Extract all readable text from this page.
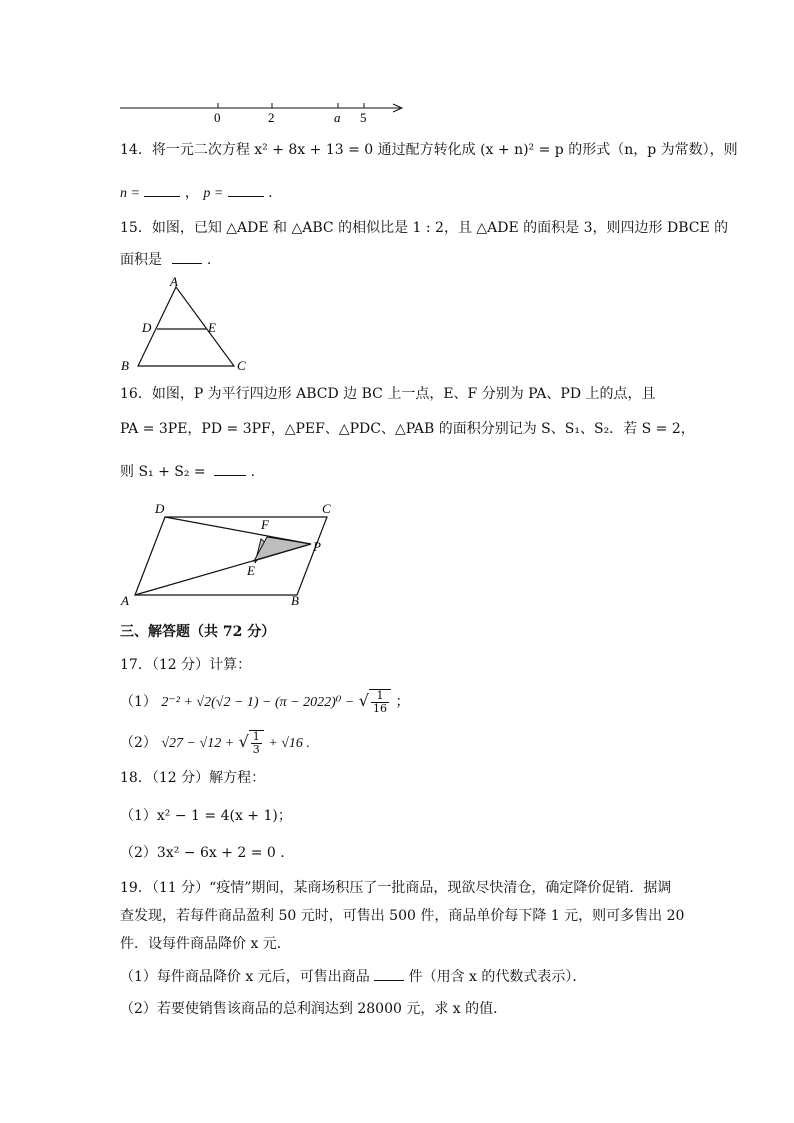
0	2	a 5
14．将一元二次方程 x² + 8x + 13 = 0 通过配方转化成 (x + n)² = p 的形式（n，p 为常数），则
n =	， p =	.
15．如图，已知 △ADE 和 △ABC 的相似比是 1 : 2，且 △ADE 的面积是 3，则四边形 DBCE 的
面积是	.
A
D	E
B	C
16．如图，P 为平行四边形 ABCD 边 BC 上一点，E、F 分别为 PA、PD 上的点，且
PA = 3PE，PD = 3PF，△PEF、△PDC、△PAB 的面积分别记为 S、S₁、S₂．若 S = 2，
则 S₁ + S₂ =	.
D	C
F
P
E
A	B
三、解答题（共 72 分）
17．（12 分）计算：
（1） 2⁻² + √2(√2 − 1) − (π − 2022)⁰ − √ $\frac{1}{16}$ ；
（2） √27 − √12 + √ $\frac{1}{3} + √16$ .
18．（12 分）解方程：
（1）x² − 1 = 4(x + 1)；
（2）3x² − 6x + 2 = 0 .
19．（11 分）“疫情”期间，某商场积压了一批商品，现欲尽快清仓，确定降价促销．据调
查发现，若每件商品盈利 50 元时，可售出 500 件，商品单价每下降 1 元，则可多售出 20
件．设每件商品降价 x 元．
（1）每件商品降价 x 元后，可售出商品	件（用含 x 的代数式表示）．
（2）若要使销售该商品的总利润达到 28000 元，求 x 的值．
